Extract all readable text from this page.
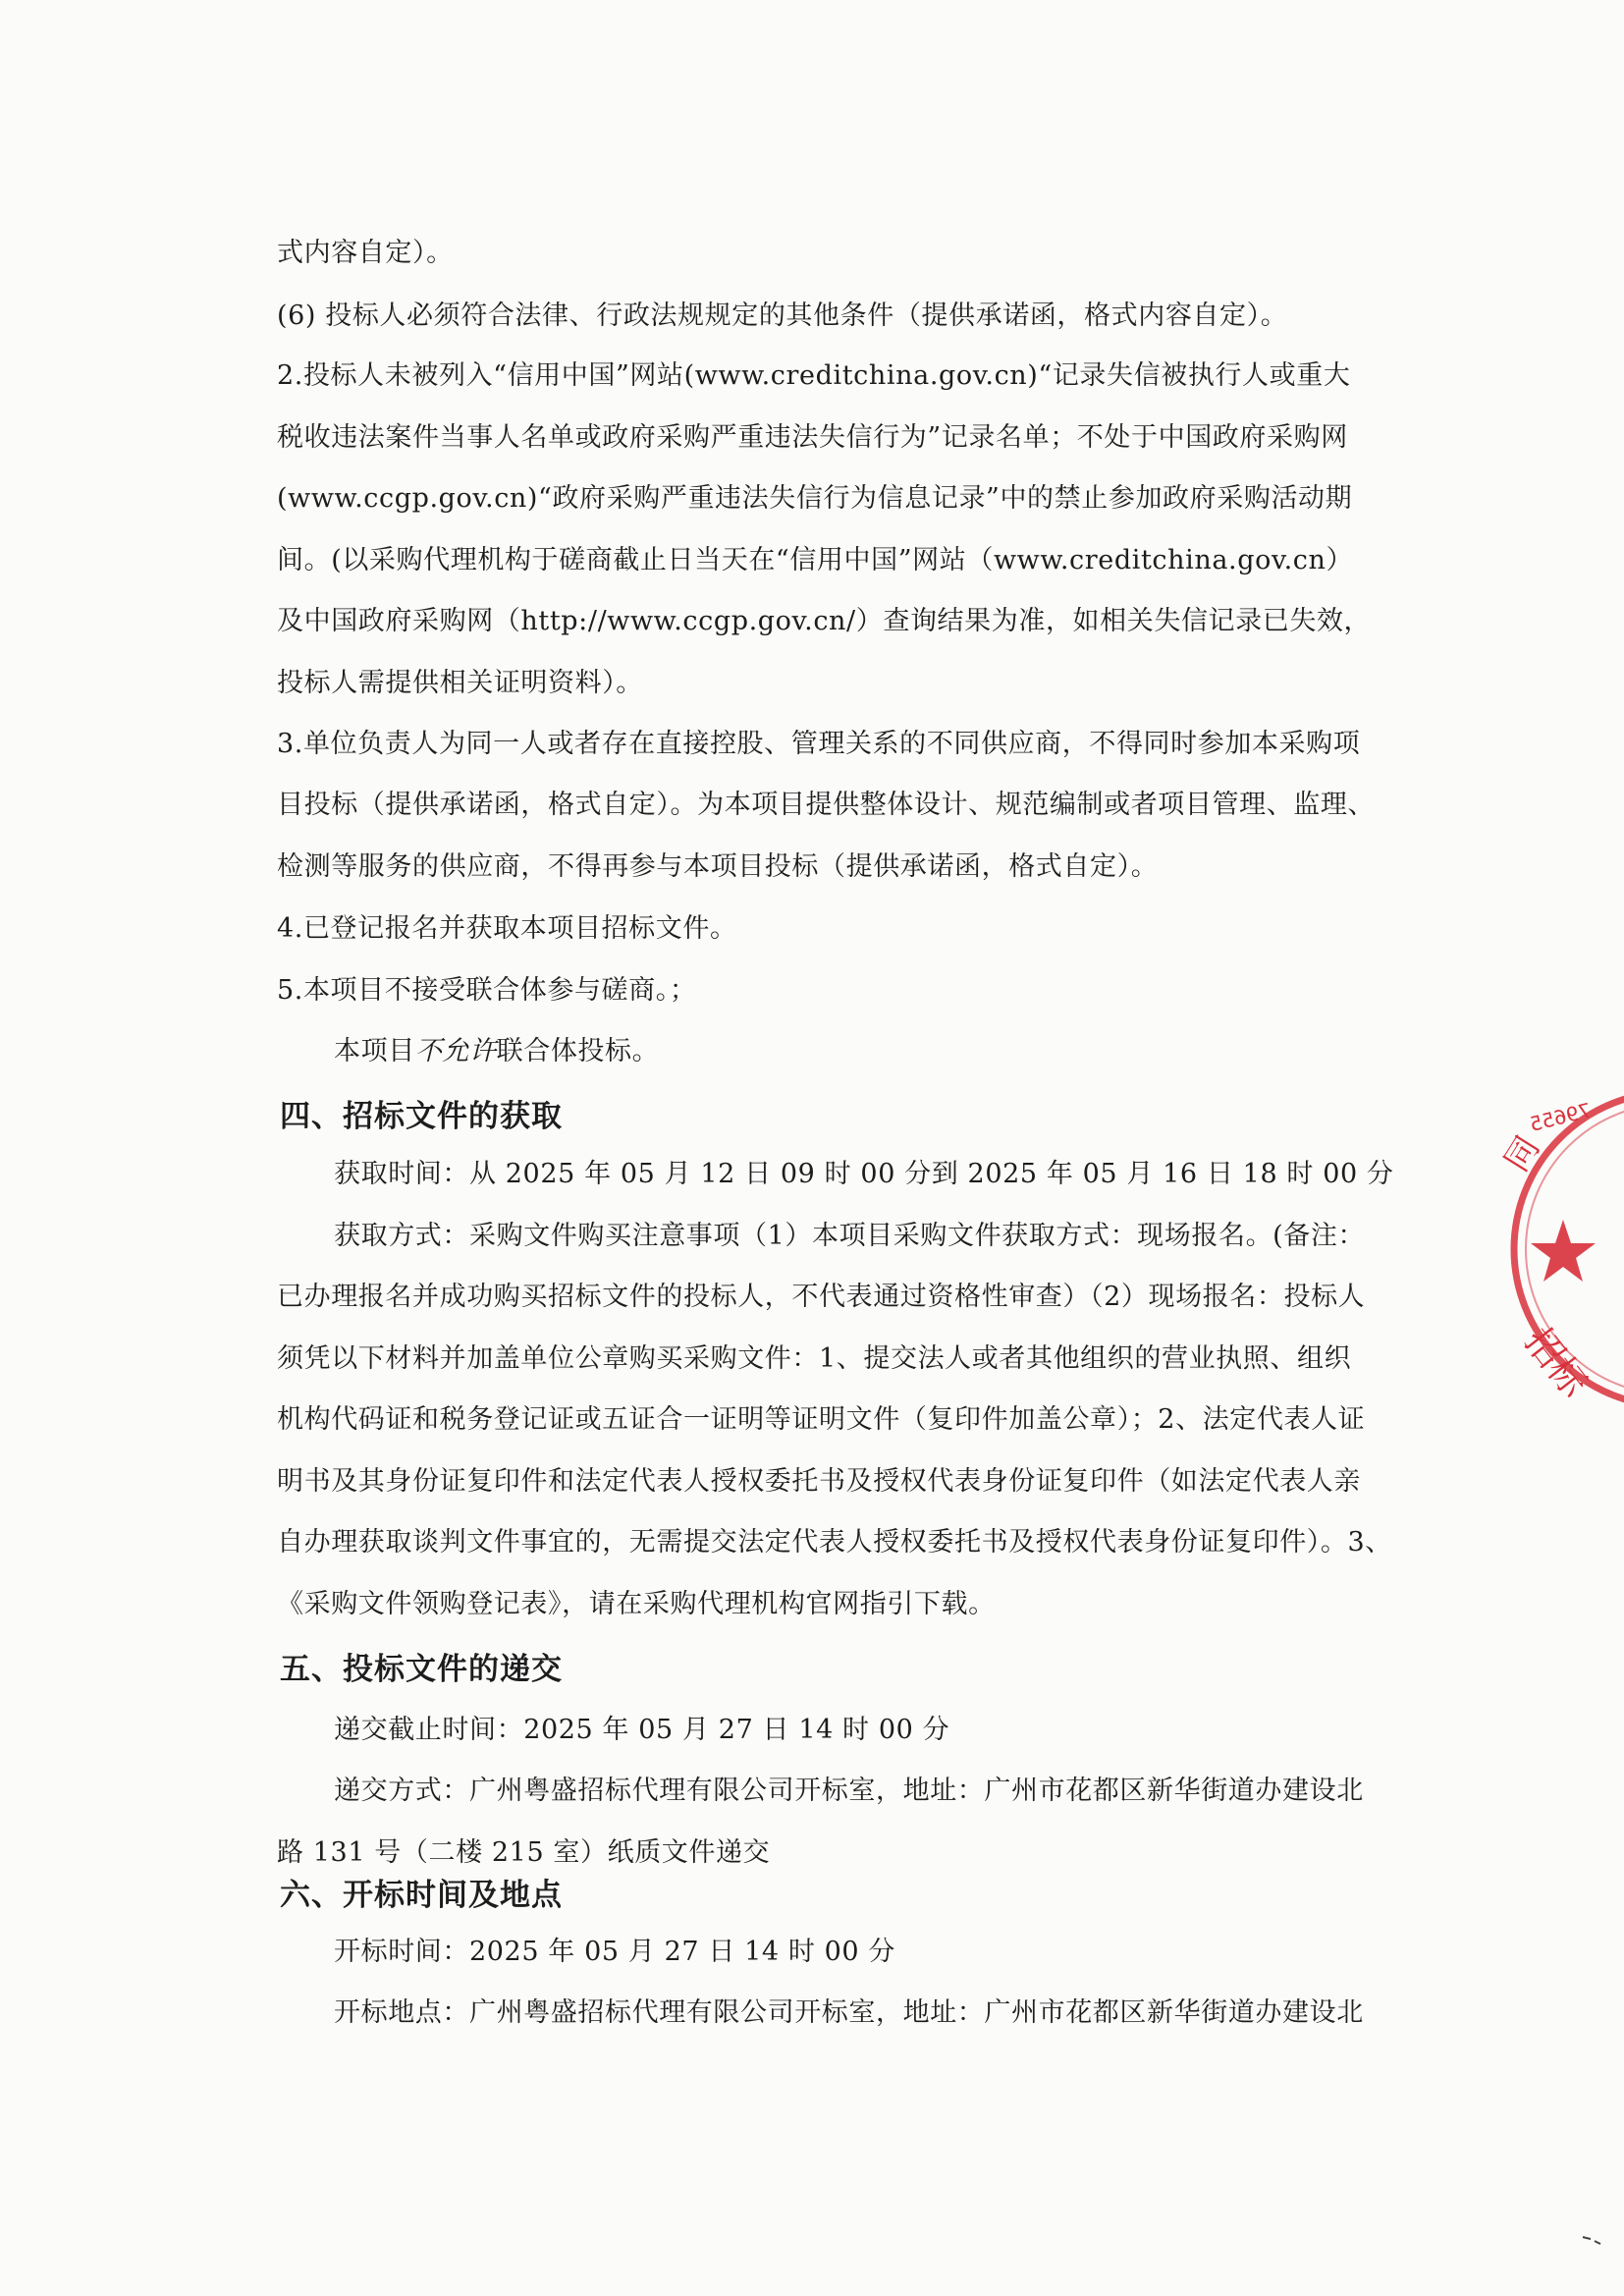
式内容自定）。
(6) 投标人必须符合法律、行政法规规定的其他条件（提供承诺函，格式内容自定）。
2.投标人未被列入“信用中国”网站(www.creditchina.gov.cn)“记录失信被执行人或重大
税收违法案件当事人名单或政府采购严重违法失信行为”记录名单；不处于中国政府采购网
(www.ccgp.gov.cn)“政府采购严重违法失信行为信息记录”中的禁止参加政府采购活动期
间。(以采购代理机构于磋商截止日当天在“信用中国”网站（www.creditchina.gov.cn）
及中国政府采购网（http://www.ccgp.gov.cn/）查询结果为准，如相关失信记录已失效，
投标人需提供相关证明资料）。
3.单位负责人为同一人或者存在直接控股、管理关系的不同供应商，不得同时参加本采购项
目投标（提供承诺函，格式自定）。为本项目提供整体设计、规范编制或者项目管理、监理、
检测等服务的供应商，不得再参与本项目投标（提供承诺函，格式自定）。
4.已登记报名并获取本项目招标文件。
5.本项目不接受联合体参与磋商。；
本项目不允许联合体投标。
四、招标文件的获取
获取时间：从 2025 年 05 月 12 日 09 时 00 分到 2025 年 05 月 16 日 18 时 00 分
获取方式：采购文件购买注意事项（1）本项目采购文件获取方式：现场报名。(备注：
已办理报名并成功购买招标文件的投标人，不代表通过资格性审查）（2）现场报名：投标人
须凭以下材料并加盖单位公章购买采购文件：1、提交法人或者其他组织的营业执照、组织
机构代码证和税务登记证或五证合一证明等证明文件（复印件加盖公章）；2、法定代表人证
明书及其身份证复印件和法定代表人授权委托书及授权代表身份证复印件（如法定代表人亲
自办理获取谈判文件事宜的，无需提交法定代表人授权委托书及授权代表身份证复印件）。3、
《采购文件领购登记表》，请在采购代理机构官网指引下载。
五、投标文件的递交
递交截止时间：2025 年 05 月 27 日 14 时 00 分
递交方式：广州粤盛招标代理有限公司开标室，地址：广州市花都区新华街道办建设北
路 131 号（二楼 215 室）纸质文件递交
六、开标时间及地点
开标时间：2025 年 05 月 27 日 14 时 00 分
开标地点：广州粤盛招标代理有限公司开标室，地址：广州市花都区新华街道办建设北
同
招标
79655
